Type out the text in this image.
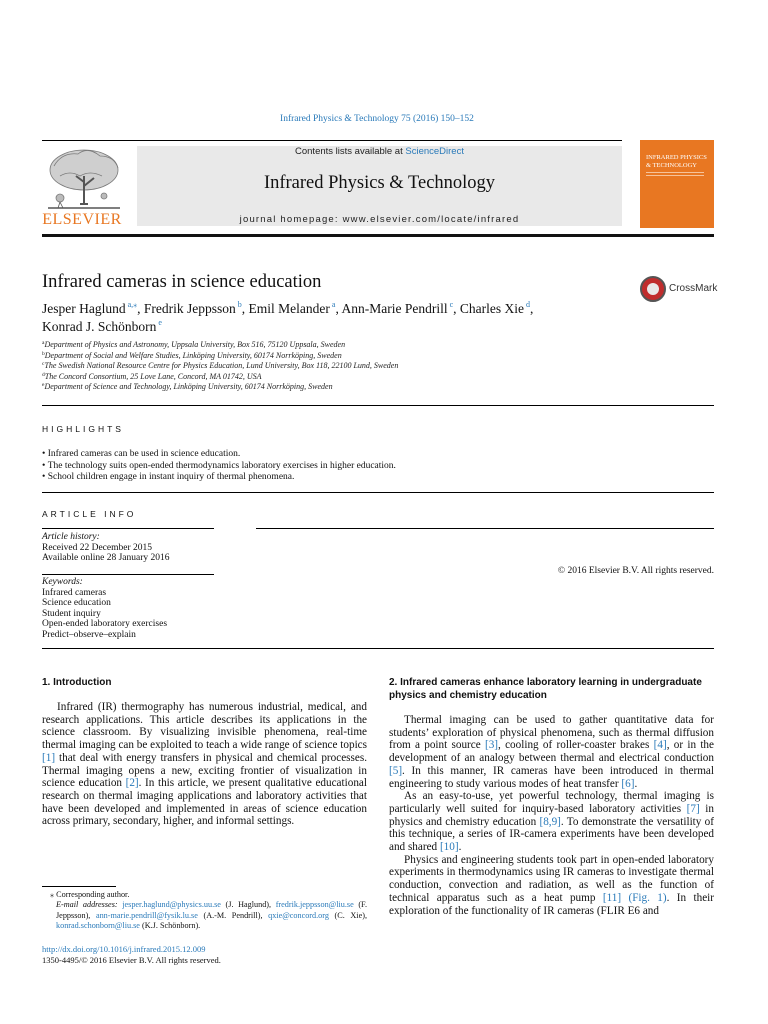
Infrared Physics & Technology 75 (2016) 150–152
ELSEVIER
Contents lists available at ScienceDirect
Infrared Physics & Technology
journal homepage: www.elsevier.com/locate/infrared
INFRARED PHYSICS & TECHNOLOGY
Infrared cameras in science education	CrossMark
Jesper Haglund $^{a,⁎}$, Fredrik Jeppsson $^b$, Emil Melander $^a$, Ann-Marie Pendrill $^c$, Charles Xie $^d$,
Konrad J. Schönborn $^e$
$^a$Department of Physics and Astronomy, Uppsala University, Box 516, 75120 Uppsala, Sweden
$^b$Department of Social and Welfare Studies, Linköping University, 60174 Norrköping, Sweden
$^c$The Swedish National Resource Centre for Physics Education, Lund University, Box 118, 22100 Lund, Sweden
$^d$The Concord Consortium, 25 Love Lane, Concord, MA 01742, USA
$^e$Department of Science and Technology, Linköping University, 60174 Norrköping, Sweden
HIGHLIGHTS
• Infrared cameras can be used in science education.
• The technology suits open-ended thermodynamics laboratory exercises in higher education.
• School children engage in instant inquiry of thermal phenomena.
ARTICLE INFO
Article history:
Received 22 December 2015
Available online 28 January 2016
Keywords:
Infrared cameras
Science education
Student inquiry
Open-ended laboratory exercises
Predict–observe–explain
© 2016 Elsevier B.V. All rights reserved.
1. Introduction

Infrared (IR) thermography has numerous industrial, medical, and research applications. This article describes its applications in the science classroom. By visualizing invisible phenomena, real-time thermal imaging can be exploited to teach a wide range of science topics [1] that deal with energy transfers in physical and chemical processes. Thermal imaging opens a new, exciting frontier of visualization in science education [2]. In this article, we present qualitative educational research on thermal imaging applications and laboratory activities that have been developed and implemented in areas of science education across primary, secondary, higher, and informal settings.

⁎ Corresponding author.
E-mail addresses: jesper.haglund@physics.uu.se (J. Haglund), fredrik.jeppsson@liu.se (F. Jeppsson), ann-marie.pendrill@fysik.lu.se (A.-M. Pendrill), qxie@concord.org (C. Xie), konrad.schonborn@liu.se (K.J. Schönborn).
http://dx.doi.org/10.1016/j.infrared.2015.12.009
1350-4495/© 2016 Elsevier B.V. All rights reserved.
2. Infrared cameras enhance laboratory learning in undergraduate physics and chemistry education

Thermal imaging can be used to gather quantitative data for students’ exploration of physical phenomena, such as thermal diffusion from a point source [3], cooling of roller-coaster brakes [4], or in the development of an analogy between thermal and electrical conduction [5]. In this manner, IR cameras have been introduced in thermal engineering to study various modes of heat transfer [6].

As an easy-to-use, yet powerful technology, thermal imaging is particularly well suited for inquiry-based laboratory activities [7] in physics and chemistry education [8,9]. To demonstrate the versatility of this technique, a series of IR-camera experiments have been developed and shared [10].

Physics and engineering students took part in open-ended laboratory experiments in thermodynamics using IR cameras to investigate thermal conduction, convection and radiation, as well as the function of technical apparatus such as a heat pump [11] (Fig. 1). In their exploration of the functionality of IR cameras (FLIR E6 and
